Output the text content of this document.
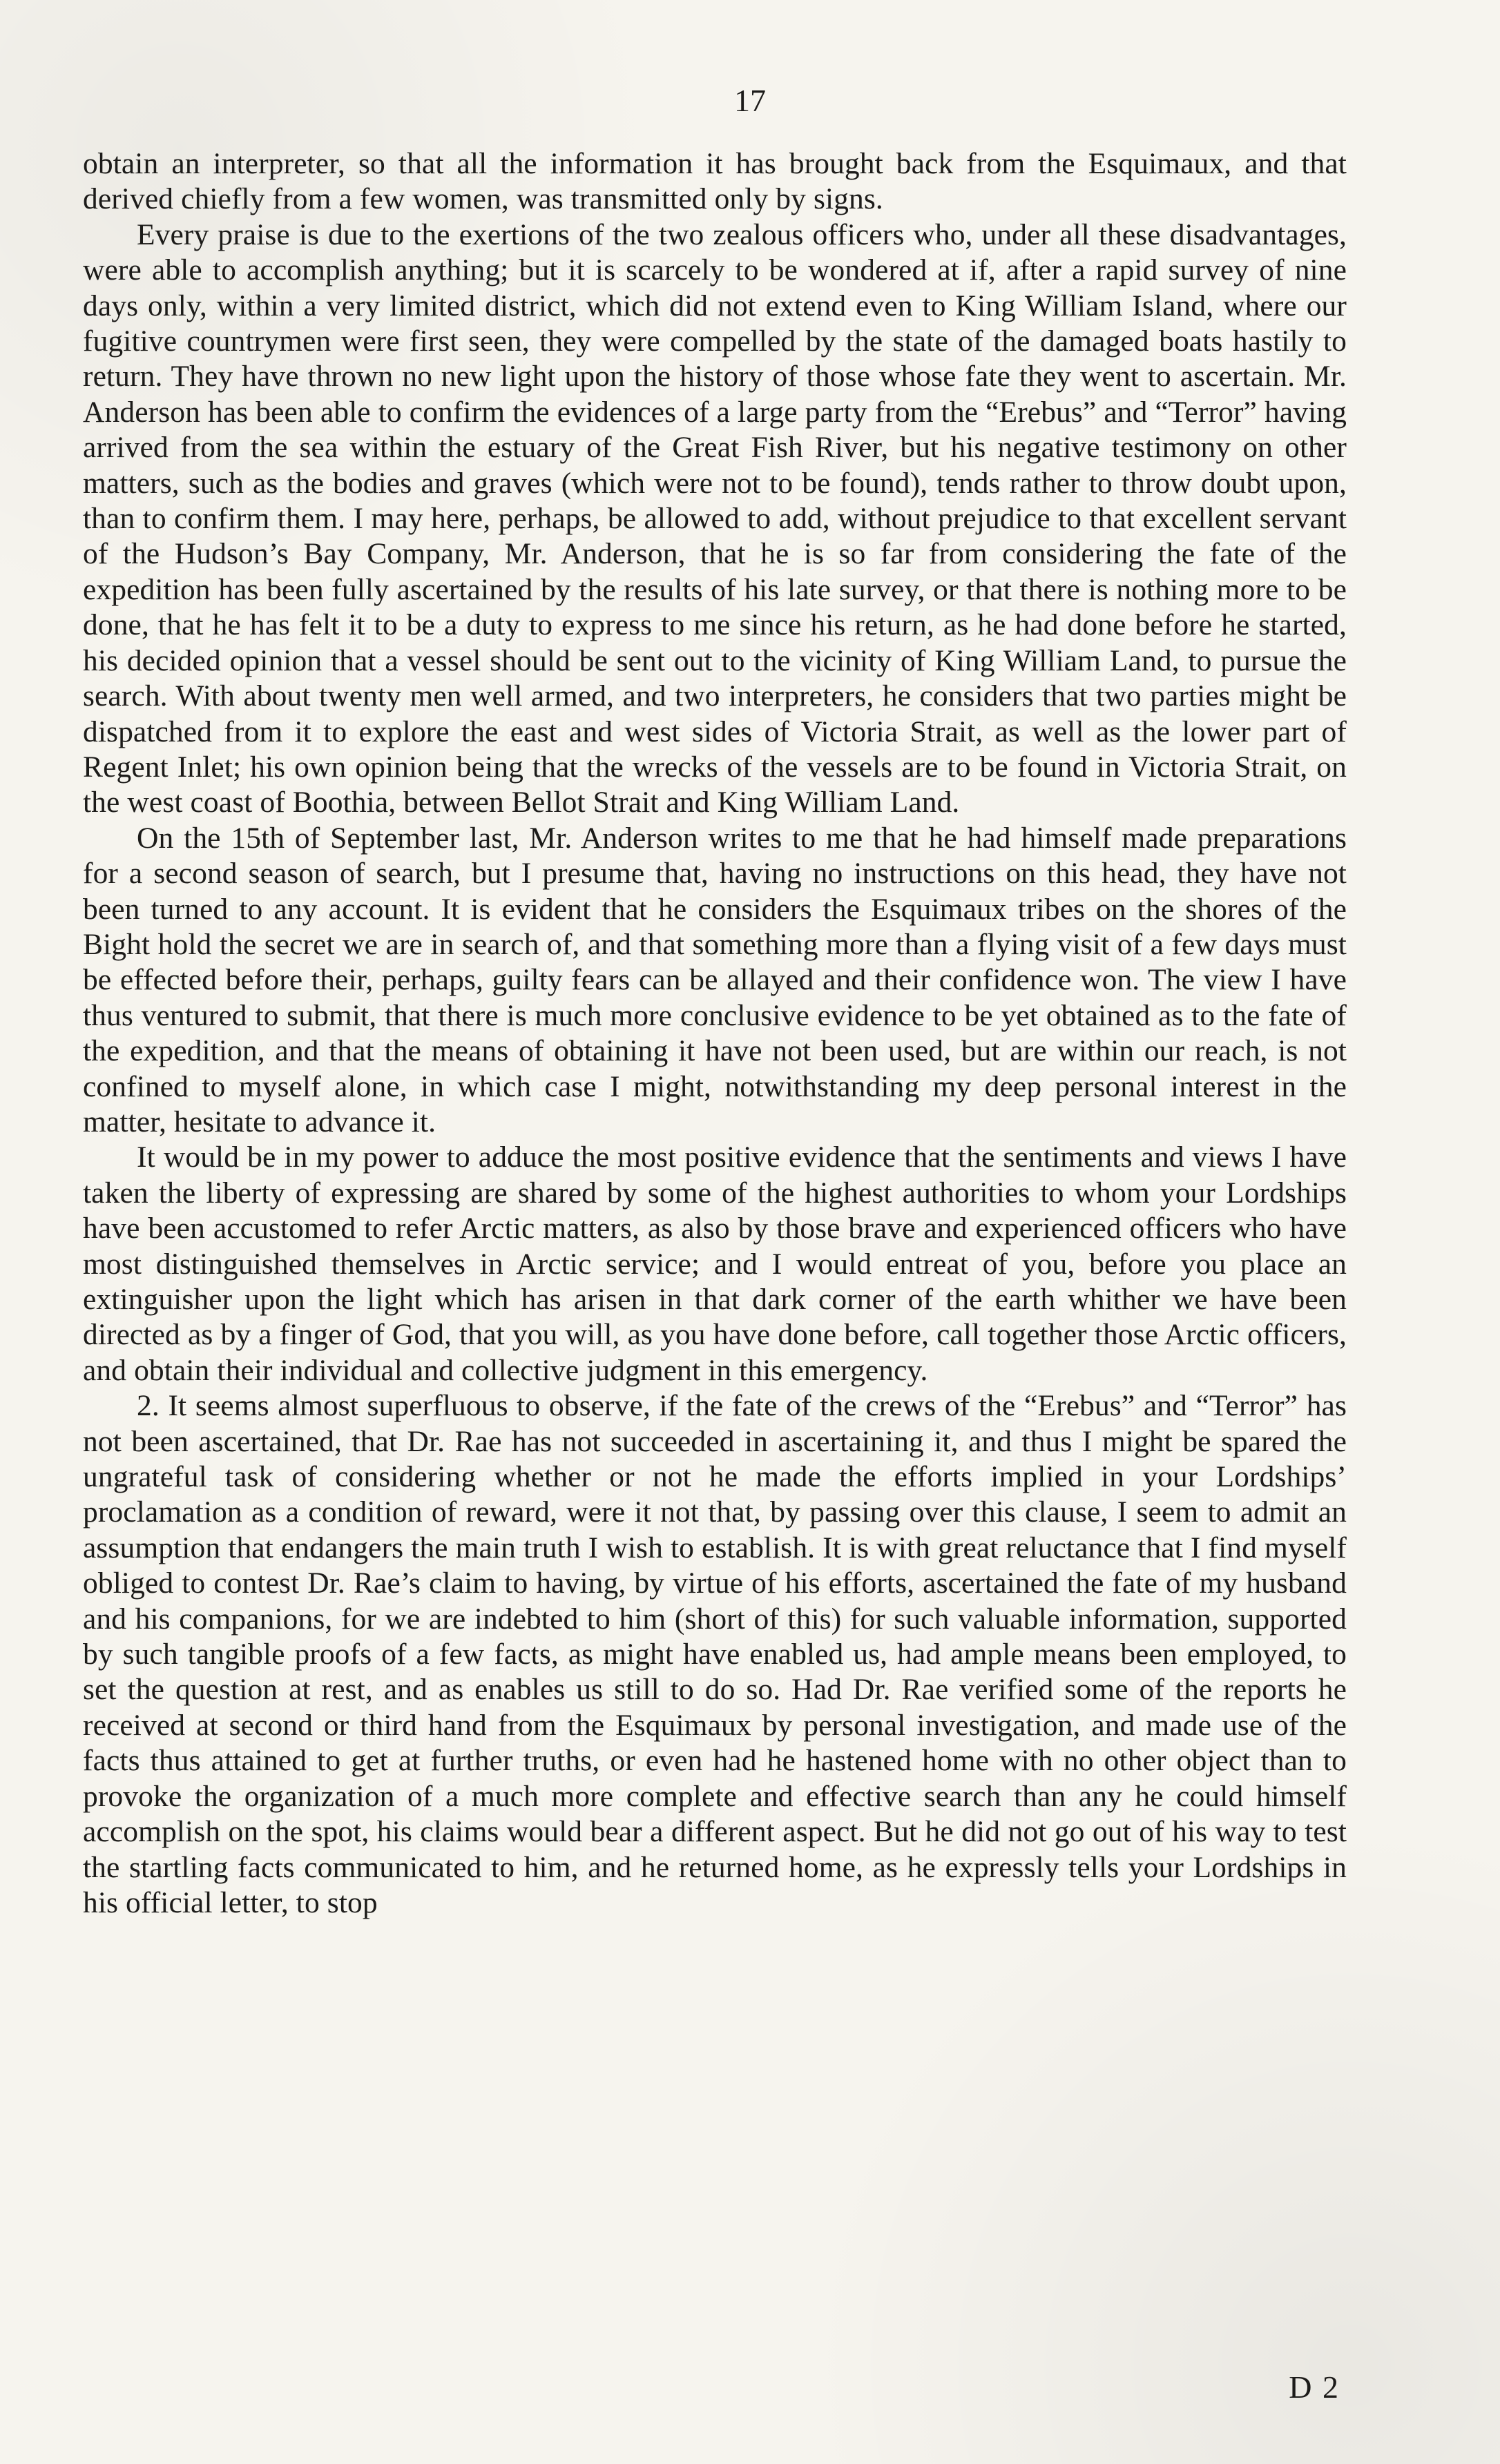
17

obtain an interpreter, so that all the information it has brought back from the Esquimaux, and that derived chiefly from a few women, was transmitted only by signs.

Every praise is due to the exertions of the two zealous officers who, under all these disadvantages, were able to accomplish anything; but it is scarcely to be wondered at if, after a rapid survey of nine days only, within a very limited district, which did not extend even to King William Island, where our fugitive countrymen were first seen, they were compelled by the state of the damaged boats hastily to return. They have thrown no new light upon the history of those whose fate they went to ascertain. Mr. Anderson has been able to confirm the evidences of a large party from the “Erebus” and “Terror” having arrived from the sea within the estuary of the Great Fish River, but his negative testimony on other matters, such as the bodies and graves (which were not to be found), tends rather to throw doubt upon, than to confirm them. I may here, perhaps, be allowed to add, without prejudice to that excellent servant of the Hudson’s Bay Company, Mr. Anderson, that he is so far from considering the fate of the expedition has been fully ascertained by the results of his late survey, or that there is nothing more to be done, that he has felt it to be a duty to express to me since his return, as he had done before he started, his decided opinion that a vessel should be sent out to the vicinity of King William Land, to pursue the search. With about twenty men well armed, and two interpreters, he considers that two parties might be dispatched from it to explore the east and west sides of Victoria Strait, as well as the lower part of Regent Inlet; his own opinion being that the wrecks of the vessels are to be found in Victoria Strait, on the west coast of Boothia, between Bellot Strait and King William Land.

On the 15th of September last, Mr. Anderson writes to me that he had himself made preparations for a second season of search, but I presume that, having no instructions on this head, they have not been turned to any account. It is evident that he considers the Esquimaux tribes on the shores of the Bight hold the secret we are in search of, and that something more than a flying visit of a few days must be effected before their, perhaps, guilty fears can be allayed and their confidence won. The view I have thus ventured to submit, that there is much more conclusive evidence to be yet obtained as to the fate of the expedition, and that the means of obtaining it have not been used, but are within our reach, is not confined to myself alone, in which case I might, notwithstanding my deep personal interest in the matter, hesitate to advance it.

It would be in my power to adduce the most positive evidence that the sentiments and views I have taken the liberty of expressing are shared by some of the highest authorities to whom your Lordships have been accustomed to refer Arctic matters, as also by those brave and experienced officers who have most distinguished themselves in Arctic service; and I would entreat of you, before you place an extinguisher upon the light which has arisen in that dark corner of the earth whither we have been directed as by a finger of God, that you will, as you have done before, call together those Arctic officers, and obtain their individual and collective judgment in this emergency.

2. It seems almost superfluous to observe, if the fate of the crews of the “Erebus” and “Terror” has not been ascertained, that Dr. Rae has not succeeded in ascertaining it, and thus I might be spared the ungrateful task of considering whether or not he made the efforts implied in your Lordships’ proclamation as a condition of reward, were it not that, by passing over this clause, I seem to admit an assumption that endangers the main truth I wish to establish. It is with great reluctance that I find myself obliged to contest Dr. Rae’s claim to having, by virtue of his efforts, ascertained the fate of my husband and his companions, for we are indebted to him (short of this) for such valuable information, supported by such tangible proofs of a few facts, as might have enabled us, had ample means been employed, to set the question at rest, and as enables us still to do so. Had Dr. Rae verified some of the reports he received at second or third hand from the Esquimaux by personal investigation, and made use of the facts thus attained to get at further truths, or even had he hastened home with no other object than to provoke the organization of a much more complete and effective search than any he could himself accomplish on the spot, his claims would bear a different aspect. But he did not go out of his way to test the startling facts communicated to him, and he returned home, as he expressly tells your Lordships in his official letter, to stop

D 2
